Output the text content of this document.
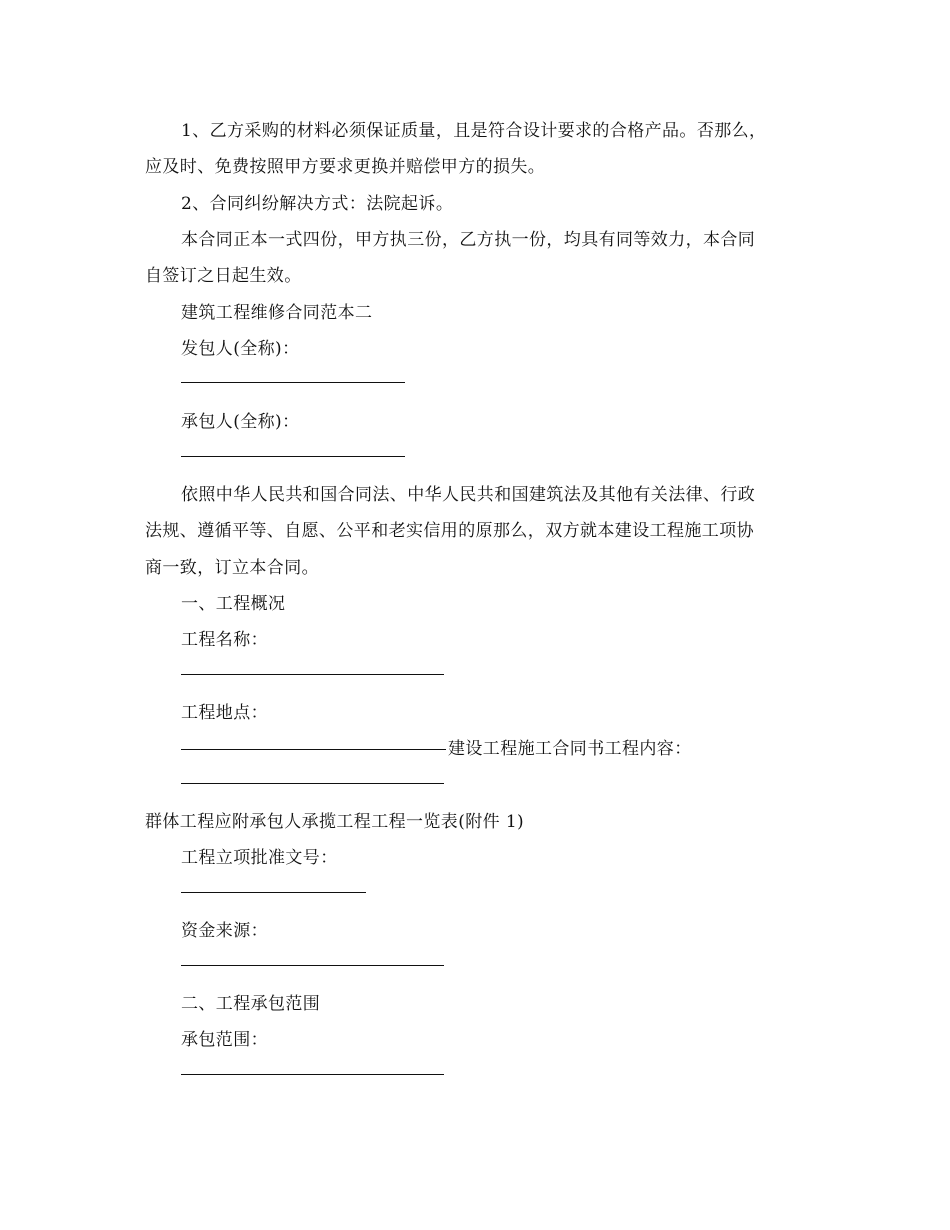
1、乙方采购的材料必须保证质量，且是符合设计要求的合格产品。否那么，
应及时、免费按照甲方要求更换并赔偿甲方的损失。
2、合同纠纷解决方式：法院起诉。
本合同正本一式四份，甲方执三份，乙方执一份，均具有同等效力，本合同
自签订之日起生效。
建筑工程维修合同范本二
发包人(全称)：
承包人(全称)：
依照中华人民共和国合同法、中华人民共和国建筑法及其他有关法律、行政
法规、遵循平等、自愿、公平和老实信用的原那么，双方就本建设工程施工项协
商一致，订立本合同。
一、工程概况
工程名称：
工程地点：
建设工程施工合同书工程内容：
群体工程应附承包人承揽工程工程一览表(附件 1)
工程立项批准文号：
资金来源：
二、工程承包范围
承包范围：
